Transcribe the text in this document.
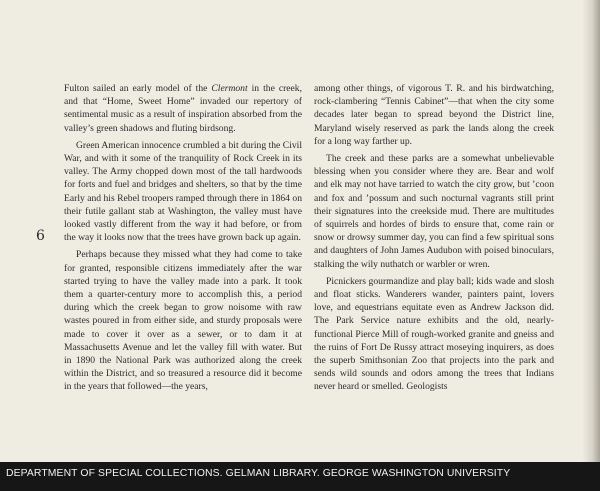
6

Fulton sailed an early model of the Clermont in the creek, and that “Home, Sweet Home” invaded our repertory of sentimental music as a result of inspiration absorbed from the valley’s green shadows and fluting birdsong.

Green American innocence crumbled a bit during the Civil War, and with it some of the tranquility of Rock Creek in its valley. The Army chopped down most of the tall hardwoods for forts and fuel and bridges and shelters, so that by the time Early and his Rebel troopers ramped through there in 1864 on their futile gallant stab at Washington, the valley must have looked vastly different from the way it had before, or from the way it looks now that the trees have grown back up again.

Perhaps because they missed what they had come to take for granted, responsible citizens immediately after the war started trying to have the valley made into a park. It took them a quarter-century more to accomplish this, a period during which the creek began to grow noisome with raw wastes poured in from either side, and sturdy proposals were made to cover it over as a sewer, or to dam it at Massachusetts Avenue and let the valley fill with water. But in 1890 the National Park was authorized along the creek within the District, and so treasured a resource did it become in the years that followed—the years,

among other things, of vigorous T. R. and his birdwatching, rock-clambering “Tennis Cabinet”—that when the city some decades later began to spread beyond the District line, Maryland wisely reserved as park the lands along the creek for a long way farther up.

The creek and these parks are a somewhat unbelievable blessing when you consider where they are. Bear and wolf and elk may not have tarried to watch the city grow, but ’coon and fox and ’possum and such nocturnal vagrants still print their signatures into the creekside mud. There are multitudes of squirrels and hordes of birds to ensure that, come rain or snow or drowsy summer day, you can find a few spiritual sons and daughters of John James Audubon with poised binoculars, stalking the wily nuthatch or warbler or wren.

Picnickers gourmandize and play ball; kids wade and slosh and float sticks. Wanderers wander, painters paint, lovers love, and equestrians equitate even as Andrew Jackson did. The Park Service nature exhibits and the old, nearly-functional Pierce Mill of rough-worked granite and gneiss and the ruins of Fort De Russy attract moseying inquirers, as does the superb Smithsonian Zoo that projects into the park and sends wild sounds and odors among the trees that Indians never heard or smelled. Geologists

DEPARTMENT OF SPECIAL COLLECTIONS. GELMAN LIBRARY. GEORGE WASHINGTON UNIVERSITY
